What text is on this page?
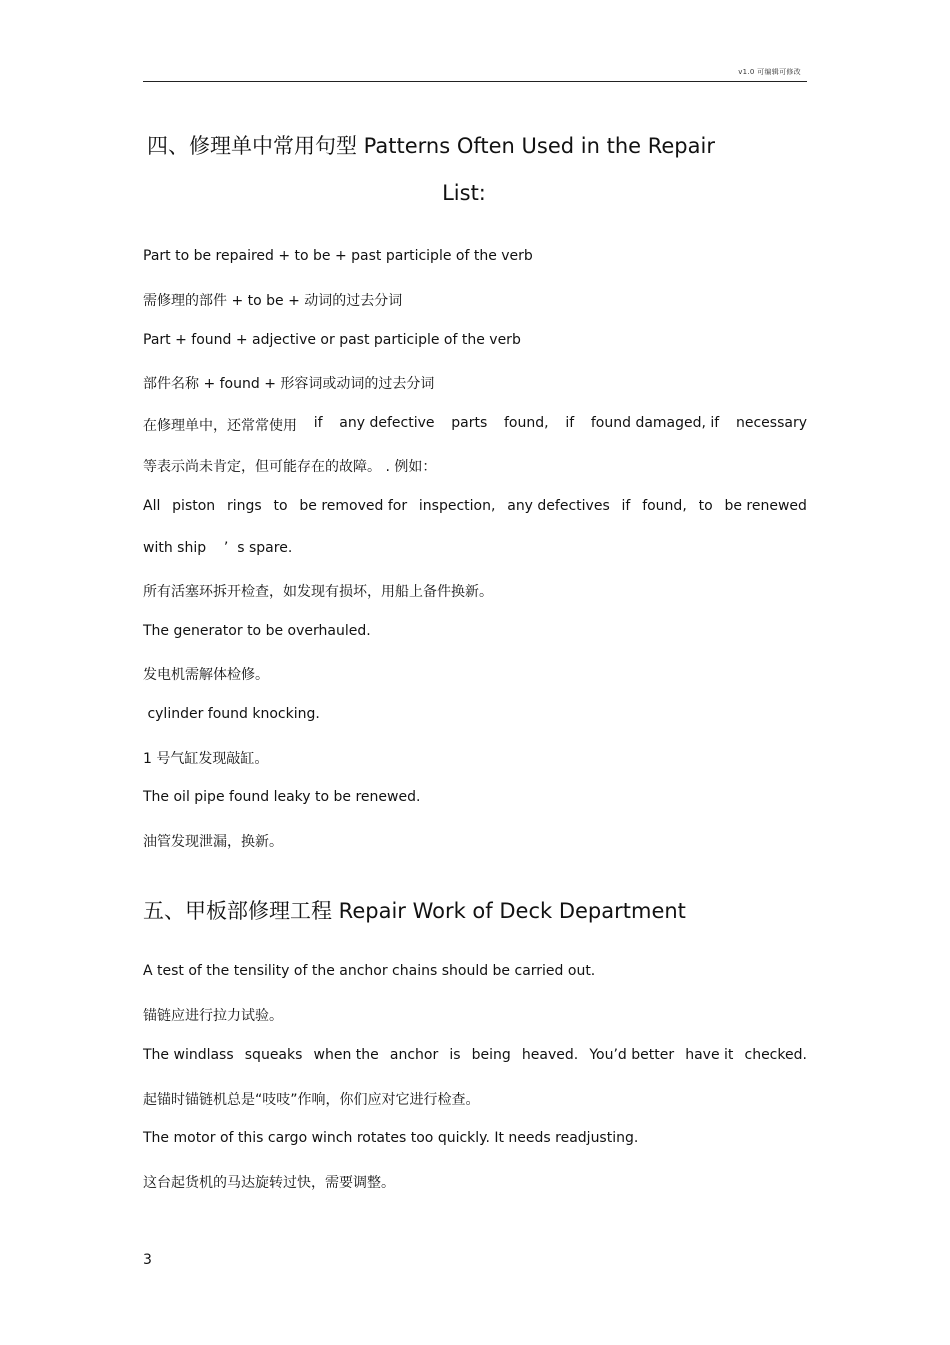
v1.0 可编辑可修改
四、修理单中常用句型 Patterns Often Used in the Repair
List:
Part to be repaired + to be + past participle of the verb
需修理的部件 + to be + 动词的过去分词
Part + found + adjective or past participle of the verb
部件名称 + found + 形容词或动词的过去分词
在修理单中，还常常使用 if any defective parts found, if found damaged, if necessary
等表示尚未肯定，但可能存在的故障。 . 例如：
All piston rings to be removed for inspection, any defectives if found, to be renewed
with ship    ’  s spare.
所有活塞环拆开检查，如发现有损坏，用船上备件换新。
The generator to be overhauled.
发电机需解体检修。
cylinder found knocking.
1 号气缸发现敲缸。
The oil pipe found leaky to be renewed.
油管发现泄漏，换新。
五、甲板部修理工程 Repair Work of Deck Department
A test of the tensility of the anchor chains should be carried out.
锚链应进行拉力试验。
The windlass squeaks when the anchor is being heaved. You’d better have it checked.
起锚时锚链机总是“吱吱”作响，你们应对它进行检查。
The motor of this cargo winch rotates too quickly. It needs readjusting.
这台起货机的马达旋转过快，需要调整。
3
